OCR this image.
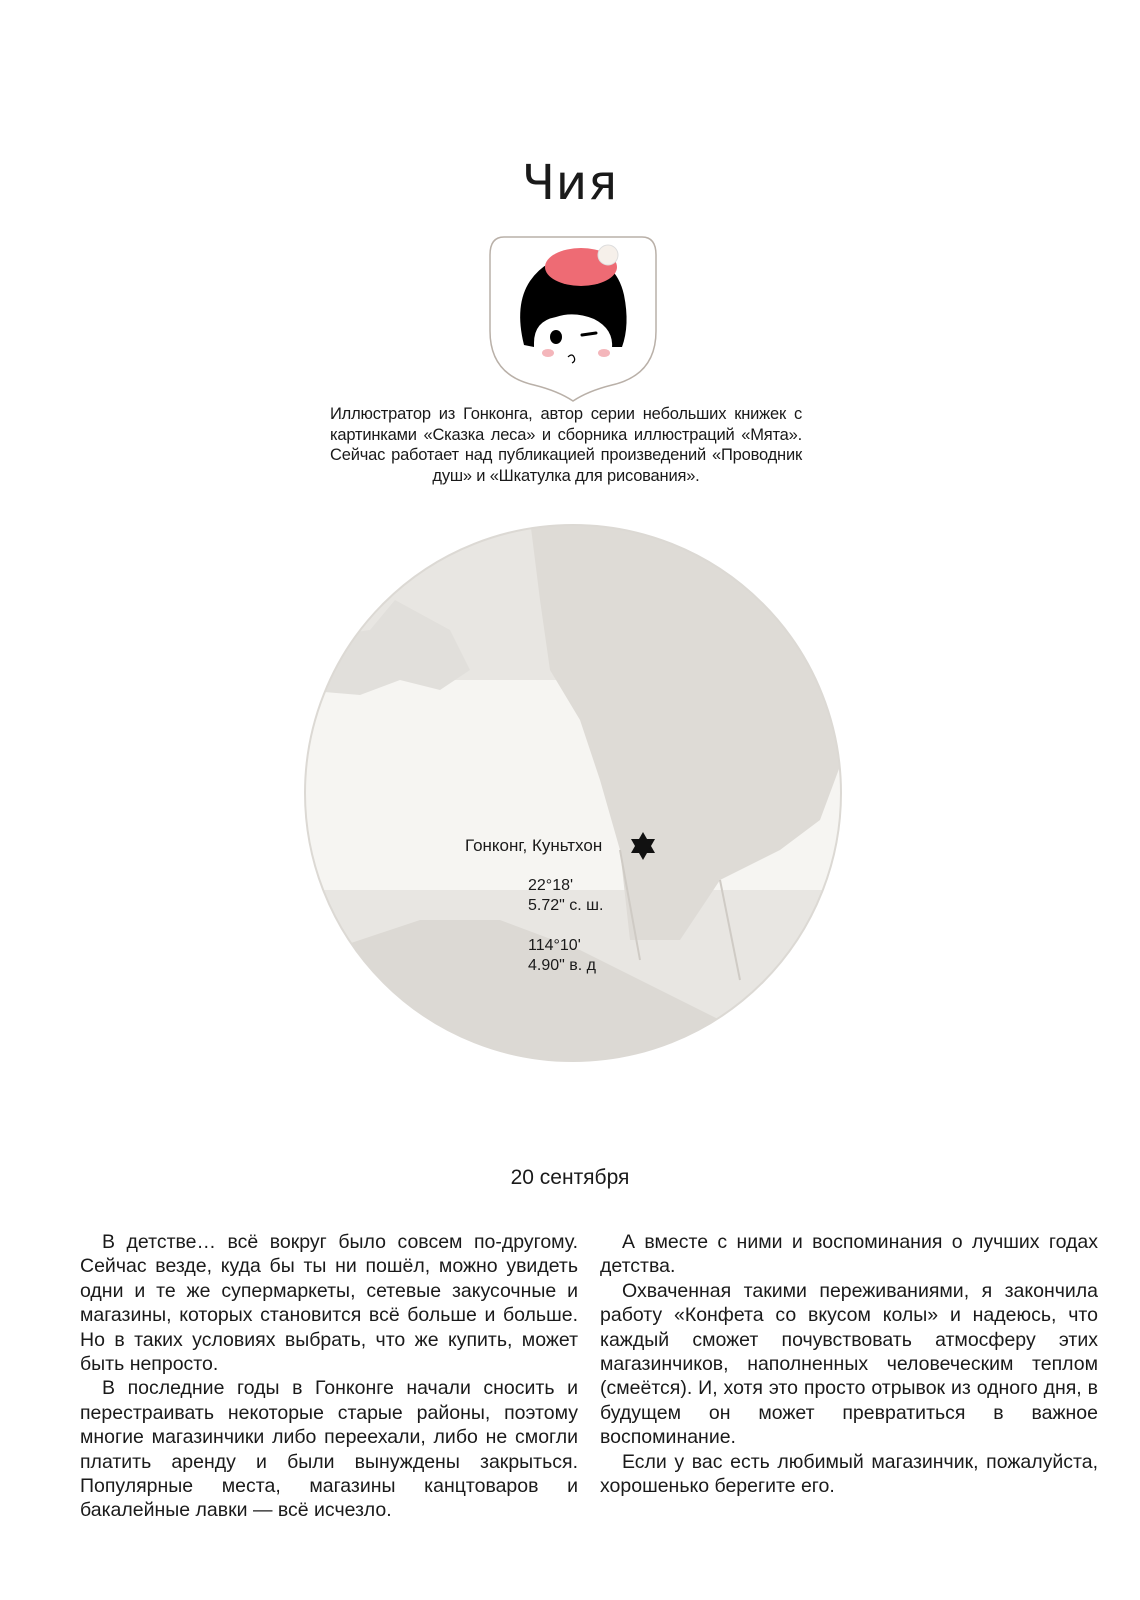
Чия
Иллюстратор из Гонконга, автор серии небольших книжек с картинками «Сказка леса» и сборника иллюстраций «Мята». Сейчас работает над публикацией произведений «Проводник душ» и «Шкатулка для рисования».
Гонконг, Куньтхон
22°18'
5.72" с. ш.
114°10'
4.90" в. д
20 сентября

В детстве… всё вокруг было совсем по-другому. Сейчас везде, куда бы ты ни пошёл, можно увидеть одни и те же супермаркеты, сетевые закусочные и магазины, которых становится всё больше и больше. Но в таких условиях выбрать, что же купить, может быть непросто.

В последние годы в Гонконге начали сносить и перестраивать некоторые старые районы, поэтому многие магазинчики либо переехали, либо не смогли платить аренду и были вынуждены закрыться. Популярные места, магазины канцтоваров и бакалейные лавки — всё исчезло.

А вместе с ними и воспоминания о лучших годах детства.

Охваченная такими переживаниями, я закончила работу «Конфета со вкусом колы» и надеюсь, что каждый сможет почувствовать атмосферу этих магазинчиков, наполненных человеческим теплом (смеётся). И, хотя это просто отрывок из одного дня, в будущем он может превратиться в важное воспоминание.

Если у вас есть любимый магазинчик, пожалуйста, хорошенько берегите его.
